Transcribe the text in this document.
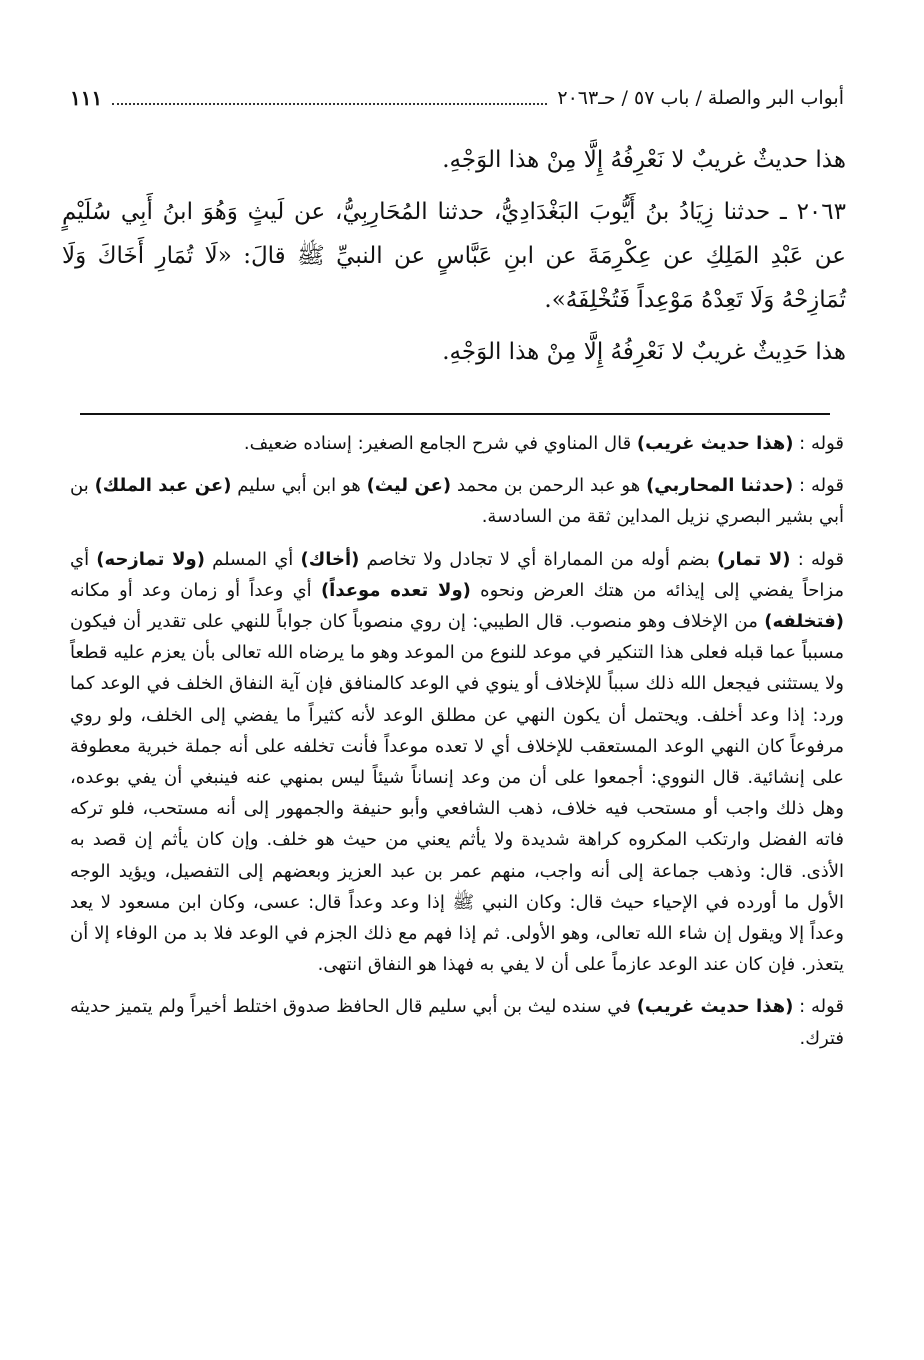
أبواب البر والصلة / باب ٥٧ / حـ٢٠٦٣
١١١

هذا حديثٌ غريبٌ لا نَعْرِفُهُ إِلَّا مِنْ هذا الوَجْهِ.

٢٠٦٣ ـ حدثنا زِيَادُ بنُ أَيُّوبَ البَغْدَادِيُّ، حدثنا المُحَارِبِيُّ، عن لَيثٍ وَهُوَ ابنُ أَبِي سُلَيْمٍ عن عَبْدِ المَلِكِ عن عِكْرِمَةَ عن ابنِ عَبَّاسٍ عن النبيِّ ﷺ قالَ: «لَا تُمَارِ أَخَاكَ وَلَا تُمَازِحْهُ وَلَا تَعِدْهُ مَوْعِداً فَتُخْلِفَهُ».

هذا حَدِيثٌ غريبٌ لا نَعْرِفُهُ إِلَّا مِنْ هذا الوَجْهِ.

قوله : (هذا حديث غريب) قال المناوي في شرح الجامع الصغير: إسناده ضعيف.

قوله : (حدثنا المحاربي) هو عبد الرحمن بن محمد (عن ليث) هو ابن أبي سليم (عن عبد الملك) بن أبي بشير البصري نزيل المداين ثقة من السادسة.

قوله : (لا تمار) بضم أوله من المماراة أي لا تجادل ولا تخاصم (أخاك) أي المسلم (ولا تمازحه) أي مزاحاً يفضي إلى إيذائه من هتك العرض ونحوه (ولا تعده موعداً) أي وعداً أو زمان وعد أو مكانه (فتخلفه) من الإخلاف وهو منصوب. قال الطيبي: إن روي منصوباً كان جواباً للنهي على تقدير أن فيكون مسبباً عما قبله فعلى هذا التنكير في موعد للنوع من الموعد وهو ما يرضاه الله تعالى بأن يعزم عليه قطعاً ولا يستثنى فيجعل الله ذلك سبباً للإخلاف أو ينوي في الوعد كالمنافق فإن آية النفاق الخلف في الوعد كما ورد: إذا وعد أخلف. ويحتمل أن يكون النهي عن مطلق الوعد لأنه كثيراً ما يفضي إلى الخلف، ولو روي مرفوعاً كان النهي الوعد المستعقب للإخلاف أي لا تعده موعداً فأنت تخلفه على أنه جملة خبرية معطوفة على إنشائية. قال النووي: أجمعوا على أن من وعد إنساناً شيئاً ليس بمنهي عنه فينبغي أن يفي بوعده، وهل ذلك واجب أو مستحب فيه خلاف، ذهب الشافعي وأبو حنيفة والجمهور إلى أنه مستحب، فلو تركه فاته الفضل وارتكب المكروه كراهة شديدة ولا يأثم يعني من حيث هو خلف. وإن كان يأثم إن قصد به الأذى. قال: وذهب جماعة إلى أنه واجب، منهم عمر بن عبد العزيز وبعضهم إلى التفصيل، ويؤيد الوجه الأول ما أورده في الإحياء حيث قال: وكان النبي ﷺ إذا وعد وعداً قال: عسى، وكان ابن مسعود لا يعد وعداً إلا ويقول إن شاء الله تعالى، وهو الأولى. ثم إذا فهم مع ذلك الجزم في الوعد فلا بد من الوفاء إلا أن يتعذر. فإن كان عند الوعد عازماً على أن لا يفي به فهذا هو النفاق انتهى.

قوله : (هذا حديث غريب) في سنده ليث بن أبي سليم قال الحافظ صدوق اختلط أخيراً ولم يتميز حديثه فترك.
